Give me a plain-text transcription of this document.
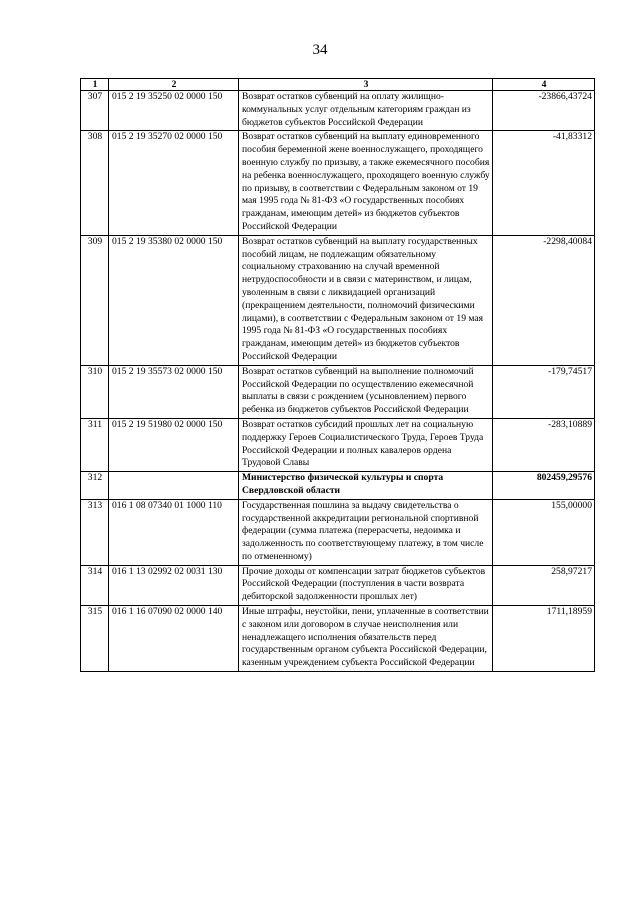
34
1	2	3	4
307	015 2 19 35250 02 0000 150	Возврат остатков субвенций на оплату жилищно-коммунальных услуг отдельным категориям граждан из бюджетов субъектов Российской Федерации	-23866,43724
308	015 2 19 35270 02 0000 150	Возврат остатков субвенций на выплату единовременного пособия беременной жене военнослужащего, проходящего военную службу по призыву, а также ежемесячного пособия на ребенка военнослужащего, проходящего военную службу по призыву, в соответствии с Федеральным законом от 19 мая 1995 года № 81-ФЗ «О государственных пособиях гражданам, имеющим детей» из бюджетов субъектов Российской Федерации	-41,83312
309	015 2 19 35380 02 0000 150	Возврат остатков субвенций на выплату государственных пособий лицам, не подлежащим обязательному социальному страхованию на случай временной нетрудоспособности и в связи с материнством, и лицам, уволенным в связи с ликвидацией организаций (прекращением деятельности, полномочий физическими лицами), в соответствии с Федеральным законом от 19 мая 1995 года № 81-ФЗ «О государственных пособиях гражданам, имеющим детей» из бюджетов субъектов Российской Федерации	-2298,40084
310	015 2 19 35573 02 0000 150	Возврат остатков субвенций на выполнение полномочий Российской Федерации по осуществлению ежемесячной выплаты в связи с рождением (усыновлением) первого ребенка из бюджетов субъектов Российской Федерации	-179,74517
311	015 2 19 51980 02 0000 150	Возврат остатков субсидий прошлых лет на социальную поддержку Героев Социалистического Труда, Героев Труда Российской Федерации и полных кавалеров ордена Трудовой Славы	-283,10889
312		Министерство физической культуры и спорта Свердловской области	802459,29576
313	016 1 08 07340 01 1000 110	Государственная пошлина за выдачу свидетельства о государственной аккредитации региональной спортивной федерации (сумма платежа (перерасчеты, недоимка и задолженность по соответствующему платежу, в том числе по отмененному)	155,00000
314	016 1 13 02992 02 0031 130	Прочие доходы от компенсации затрат бюджетов субъектов Российской Федерации (поступления в части возврата дебиторской задолженности прошлых лет)	258,97217
315	016 1 16 07090 02 0000 140	Иные штрафы, неустойки, пени, уплаченные в соответствии с законом или договором в случае неисполнения или ненадлежащего исполнения обязательств перед государственным органом субъекта Российской Федерации, казенным учреждением субъекта Российской Федерации	1711,18959
